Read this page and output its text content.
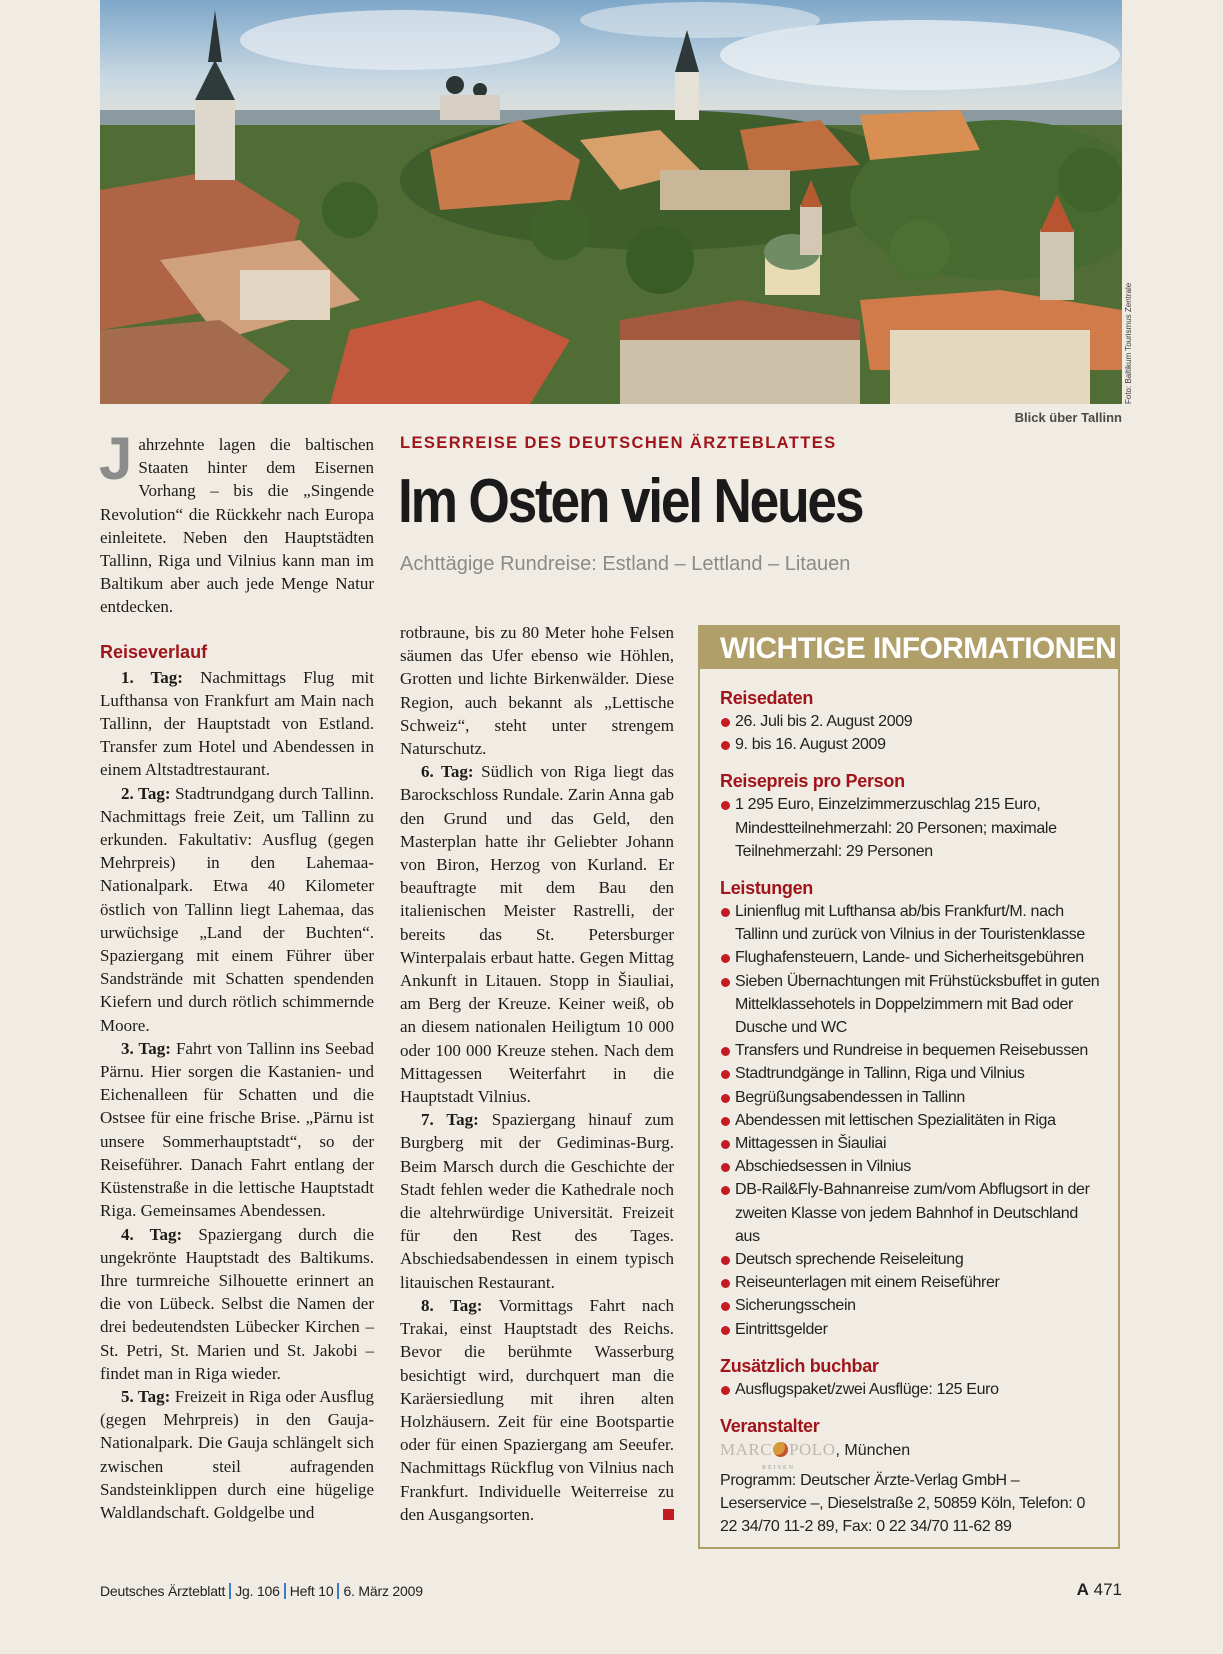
Foto: Baltikum Tourismus Zentrale
Blick über Tallinn
LESERREISE DES DEUTSCHEN ÄRZTEBLATTES
Im Osten viel Neues
Achttägige Rundreise: Estland – Lettland – Litauen

Jahrzehnte lagen die baltischen Staaten hinter dem Eisernen Vorhang – bis die „Singende Revolution“ die Rückkehr nach Europa einleitete. Neben den Hauptstädten Tallinn, Riga und Vilnius kann man im Baltikum aber auch jede Menge Natur entdecken.

Reiseverlauf

1. Tag: Nachmittags Flug mit Lufthansa von Frankfurt am Main nach Tallinn, der Hauptstadt von Estland. Transfer zum Hotel und Abendessen in einem Altstadtrestaurant.

2. Tag: Stadtrundgang durch Tallinn. Nachmittags freie Zeit, um Tallinn zu erkunden. Fakultativ: Ausflug (gegen Mehrpreis) in den Lahemaa-Nationalpark. Etwa 40 Kilometer östlich von Tallinn liegt Lahemaa, das urwüchsige „Land der Buchten“. Spaziergang mit einem Führer über Sandstrände mit Schatten spendenden Kiefern und durch rötlich schimmernde Moore.

3. Tag: Fahrt von Tallinn ins Seebad Pärnu. Hier sorgen die Kastanien- und Eichenalleen für Schatten und die Ostsee für eine frische Brise. „Pärnu ist unsere Sommerhauptstadt“, so der Reiseführer. Danach Fahrt entlang der Küstenstraße in die lettische Hauptstadt Riga. Gemeinsames Abendessen.

4. Tag: Spaziergang durch die ungekrönte Hauptstadt des Baltikums. Ihre turmreiche Silhouette erinnert an die von Lübeck. Selbst die Namen der drei bedeutendsten Lübecker Kirchen – St. Petri, St. Marien und St. Jakobi – findet man in Riga wieder.

5. Tag: Freizeit in Riga oder Ausflug (gegen Mehrpreis) in den Gauja-Nationalpark. Die Gauja schlängelt sich zwischen steil aufragenden Sandsteinklippen durch eine hügelige Waldlandschaft. Goldgelbe und

rotbraune, bis zu 80 Meter hohe Felsen säumen das Ufer ebenso wie Höhlen, Grotten und lichte Birkenwälder. Diese Region, auch bekannt als „Lettische Schweiz“, steht unter strengem Naturschutz.

6. Tag: Südlich von Riga liegt das Barockschloss Rundale. Zarin Anna gab den Grund und das Geld, den Masterplan hatte ihr Geliebter Johann von Biron, Herzog von Kurland. Er beauftragte mit dem Bau den italienischen Meister Rastrelli, der bereits das St. Petersburger Winterpalais erbaut hatte. Gegen Mittag Ankunft in Litauen. Stopp in Šiauliai, am Berg der Kreuze. Keiner weiß, ob an diesem nationalen Heiligtum 10 000 oder 100 000 Kreuze stehen. Nach dem Mittagessen Weiterfahrt in die Hauptstadt Vilnius.

7. Tag: Spaziergang hinauf zum Burgberg mit der Gediminas-Burg. Beim Marsch durch die Geschichte der Stadt fehlen weder die Kathedrale noch die altehrwürdige Universität. Freizeit für den Rest des Tages. Abschiedsabendessen in einem typisch litauischen Restaurant.

8. Tag: Vormittags Fahrt nach Trakai, einst Hauptstadt des Reichs. Bevor die berühmte Wasserburg besichtigt wird, durchquert man die Karäersiedlung mit ihren alten Holzhäusern. Zeit für eine Bootspartie oder für einen Spaziergang am Seeufer. Nachmittags Rückflug von Vilnius nach Frankfurt. Individuelle Weiterreise zu den Ausgangsorten.

WICHTIGE INFORMATIONEN
Reisedaten
26. Juli bis 2. August 2009
9. bis 16. August 2009
Reisepreis pro Person
1 295 Euro, Einzelzimmerzuschlag 215 Euro, Mindestteilnehmerzahl: 20 Personen; maximale Teilnehmerzahl: 29 Personen
Leistungen
Linienflug mit Lufthansa ab/bis Frankfurt/M. nach Tallinn und zurück von Vilnius in der Touristenklasse
Flughafensteuern, Lande- und Sicherheitsgebühren
Sieben Übernachtungen mit Frühstücksbuffet in guten Mittelklassehotels in Doppelzimmern mit Bad oder Dusche und WC
Transfers und Rundreise in bequemen Reisebussen
Stadtrundgänge in Tallinn, Riga und Vilnius
Begrüßungsabendessen in Tallinn
Abendessen mit lettischen Spezialitäten in Riga
Mittagessen in Šiauliai
Abschiedsessen in Vilnius
DB-Rail&Fly-Bahnanreise zum/vom Abflugsort in der zweiten Klasse von jedem Bahnhof in Deutschland aus
Deutsch sprechende Reiseleitung
Reiseunterlagen mit einem Reiseführer
Sicherungsschein
Eintrittsgelder
Zusätzlich buchbar
Ausflugspaket/zwei Ausflüge: 125 Euro
Veranstalter
MARC POLO
REISEN
, München
Programm: Deutscher Ärzte-Verlag GmbH – Leserservice –, Dieselstraße 2, 50859 Köln, Telefon: 0 22 34/70 11-2 89, Fax: 0 22 34/70 11-62 89
Deutsches Ärzteblatt Jg. 106 Heft 10 6. März 2009	A 471
